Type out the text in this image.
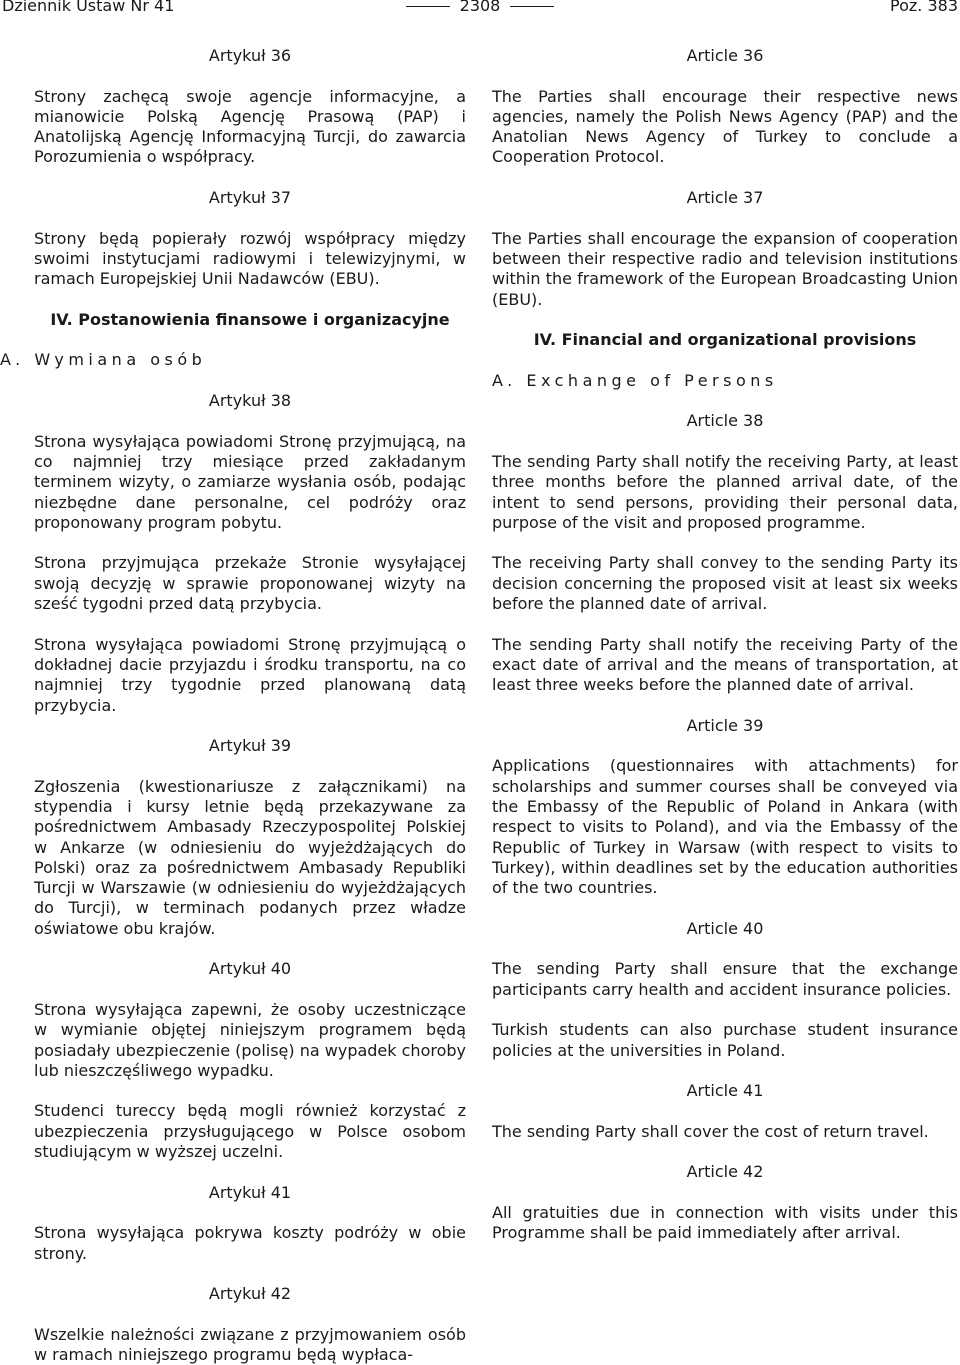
Dziennik Ustaw Nr 41	2308	Poz. 383

Artykuł 36

Strony zachęcą swoje agencje informacyjne, a mianowicie Polską Agencję Prasową (PAP) i Anatolijską Agencję Informacyjną Turcji, do zawarcia Porozumienia o współpracy.

Artykuł 37

Strony będą popierały rozwój współpracy między swoimi instytucjami radiowymi i telewizyjnymi, w ramach Europejskiej Unii Nadawców (EBU).

IV. Postanowienia finansowe i organizacyjne

A. Wymiana osób

Artykuł 38

Strona wysyłająca powiadomi Stronę przyjmującą, na co najmniej trzy miesiące przed zakładanym terminem wizyty, o zamiarze wysłania osób, podając niezbędne dane personalne, cel podróży oraz proponowany program pobytu.

Strona przyjmująca przekaże Stronie wysyłającej swoją decyzję w sprawie proponowanej wizyty na sześć tygodni przed datą przybycia.

Strona wysyłająca powiadomi Stronę przyjmującą o dokładnej dacie przyjazdu i środku transportu, na co najmniej trzy tygodnie przed planowaną datą przybycia.

Artykuł 39

Zgłoszenia (kwestionariusze z załącznikami) na stypendia i kursy letnie będą przekazywane za pośrednictwem Ambasady Rzeczypospolitej Polskiej w Ankarze (w odniesieniu do wyjeżdżających do Polski) oraz za pośrednictwem Ambasady Republiki Turcji w Warszawie (w odniesieniu do wyjeżdżających do Turcji), w terminach podanych przez władze oświatowe obu krajów.

Artykuł 40

Strona wysyłająca zapewni, że osoby uczestniczące w wymianie objętej niniejszym programem będą posiadały ubezpieczenie (polisę) na wypadek choroby lub nieszczęśliwego wypadku.

Studenci tureccy będą mogli również korzystać z ubezpieczenia przysługującego w Polsce osobom studiującym w wyższej uczelni.

Artykuł 41

Strona wysyłająca pokrywa koszty podróży w obie strony.

Artykuł 42

Wszelkie należności związane z przyjmowaniem osób w ramach niniejszego programu będą wypłaca-

Article 36

The Parties shall encourage their respective news agencies, namely the Polish News Agency (PAP) and the Anatolian News Agency of Turkey to conclude a Cooperation Protocol.

Article 37

The Parties shall encourage the expansion of cooperation between their respective radio and television institutions within the framework of the European Broadcasting Union (EBU).

IV. Financial and organizational provisions

A. Exchange of Persons

Article 38

The sending Party shall notify the receiving Party, at least three months before the planned arrival date, of the intent to send persons, providing their personal data, purpose of the visit and proposed programme.

The receiving Party shall convey to the sending Party its decision concerning the proposed visit at least six weeks before the planned date of arrival.

The sending Party shall notify the receiving Party of the exact date of arrival and the means of transportation, at least three weeks before the planned date of arrival.

Article 39

Applications (questionnaires with attachments) for scholarships and summer courses shall be conveyed via the Embassy of the Republic of Poland in Ankara (with respect to visits to Poland), and via the Embassy of the Republic of Turkey in Warsaw (with respect to visits to Turkey), within deadlines set by the education authorities of the two countries.

Article 40

The sending Party shall ensure that the exchange participants carry health and accident insurance policies.

Turkish students can also purchase student insurance policies at the universities in Poland.

Article 41

The sending Party shall cover the cost of return travel.

Article 42

All gratuities due in connection with visits under this Programme shall be paid immediately after arrival.
